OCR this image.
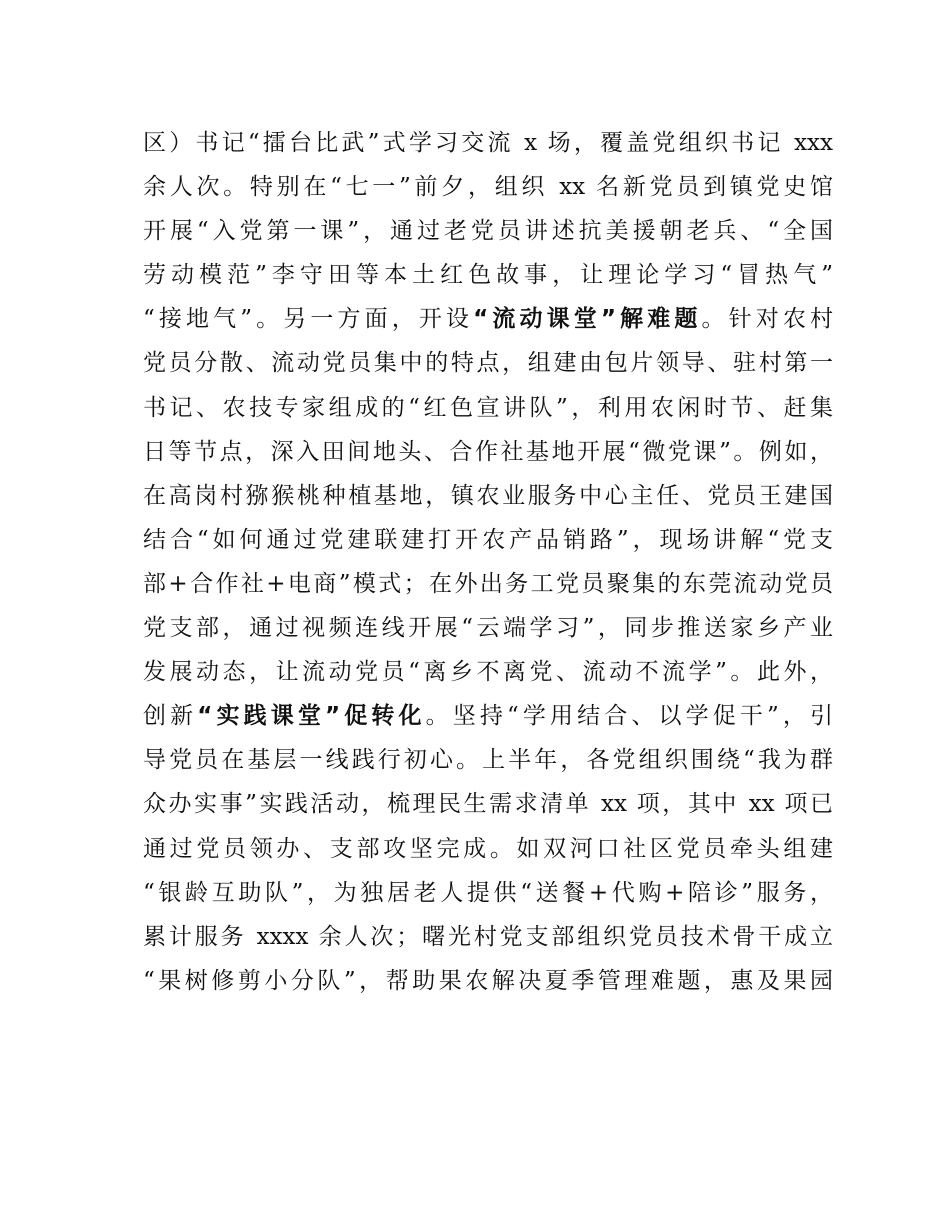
区）书记“擂台比武”式学习交流 x 场，覆盖党组织书记 xxx
余人次。特别在“七一”前夕，组织 xx 名新党员到镇党史馆
开展“入党第一课”，通过老党员讲述抗美援朝老兵、“全国
劳动模范”李守田等本土红色故事，让理论学习“冒热气”
“接地气”。另一方面，开设“流动课堂”解难题。针对农村
党员分散、流动党员集中的特点，组建由包片领导、驻村第一
书记、农技专家组成的“红色宣讲队”，利用农闲时节、赶集
日等节点，深入田间地头、合作社基地开展“微党课”。例如，
在高岗村猕猴桃种植基地，镇农业服务中心主任、党员王建国
结合“如何通过党建联建打开农产品销路”，现场讲解“党支
部+合作社+电商”模式；在外出务工党员聚集的东莞流动党员
党支部，通过视频连线开展“云端学习”，同步推送家乡产业
发展动态，让流动党员“离乡不离党、流动不流学”。此外，
创新“实践课堂”促转化。坚持“学用结合、以学促干”，引
导党员在基层一线践行初心。上半年，各党组织围绕“我为群
众办实事”实践活动，梳理民生需求清单 xx 项，其中 xx 项已
通过党员领办、支部攻坚完成。如双河口社区党员牵头组建
“银龄互助队”，为独居老人提供“送餐+代购+陪诊”服务，
累计服务 xxxx 余人次；曙光村党支部组织党员技术骨干成立
“果树修剪小分队”，帮助果农解决夏季管理难题，惠及果园
